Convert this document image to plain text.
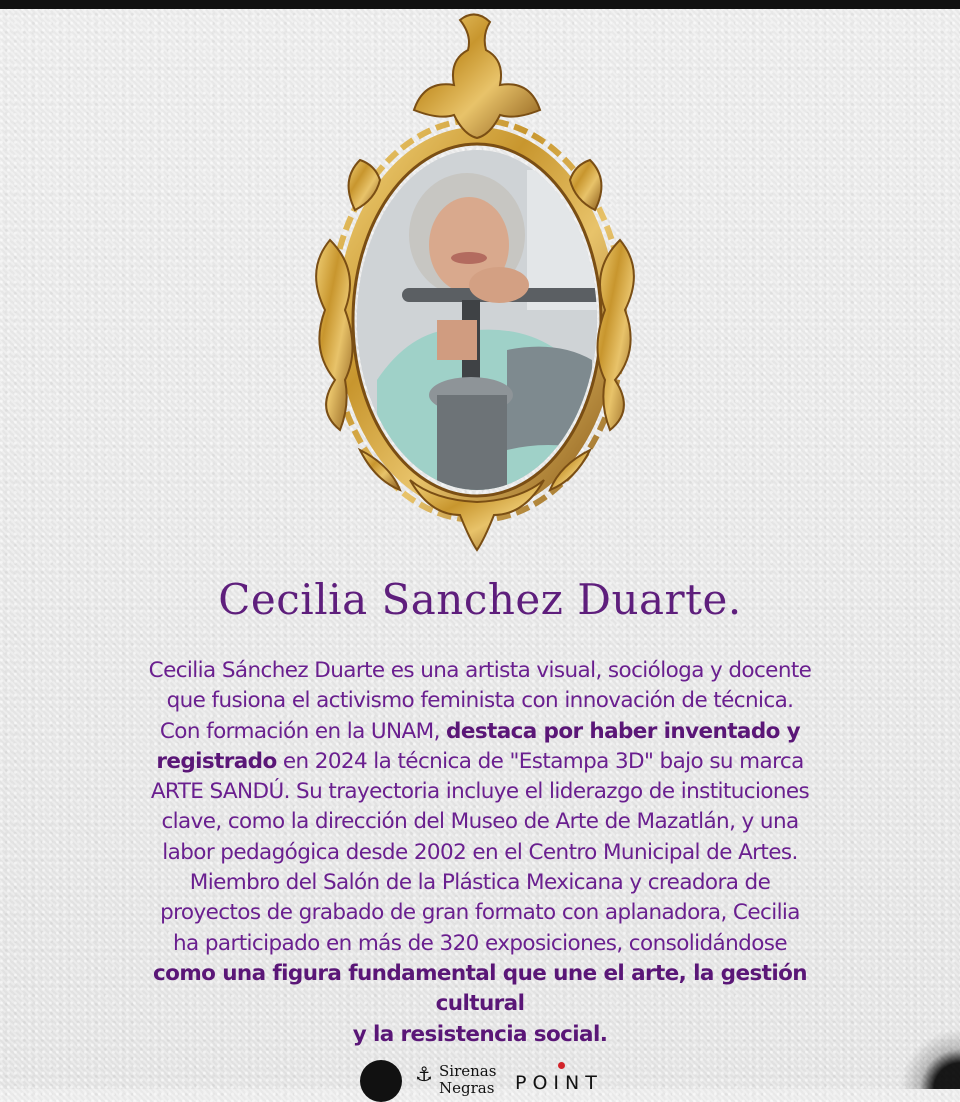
Cecilia Sanchez Duarte.
Cecilia Sánchez Duarte es una artista visual, socióloga y docente
que fusiona el activismo feminista con innovación de técnica.
Con formación en la UNAM, destaca por haber inventado y
registrado en 2024 la técnica de "Estampa 3D" bajo su marca
ARTE SANDÚ. Su trayectoria incluye el liderazgo de instituciones
clave, como la dirección del Museo de Arte de Mazatlán, y una
labor pedagógica desde 2002 en el Centro Municipal de Artes.
Miembro del Salón de la Plástica Mexicana y creadora de
proyectos de grabado de gran formato con aplanadora, Cecilia
ha participado en más de 320 exposiciones, consolidándose
como una figura fundamental que une el arte, la gestión cultural
y la resistencia social.
⚓ Sirenas
Negras POINT
